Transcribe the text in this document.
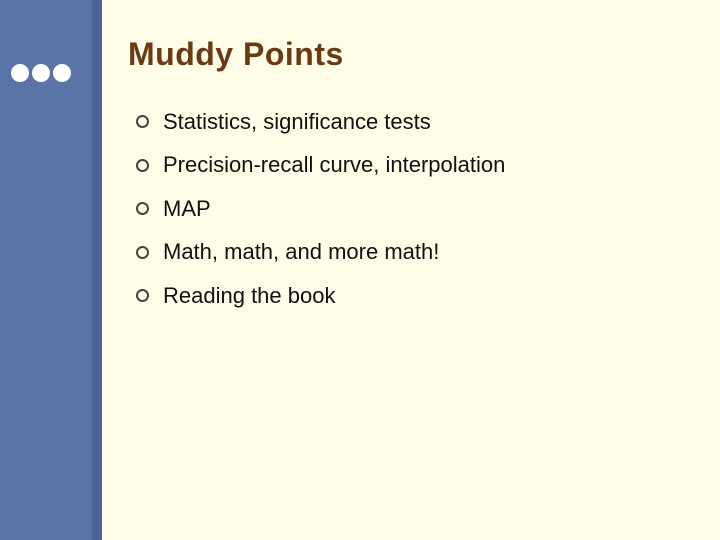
Muddy Points
Statistics, significance tests
Precision-recall curve, interpolation
MAP
Math, math, and more math!
Reading the book
